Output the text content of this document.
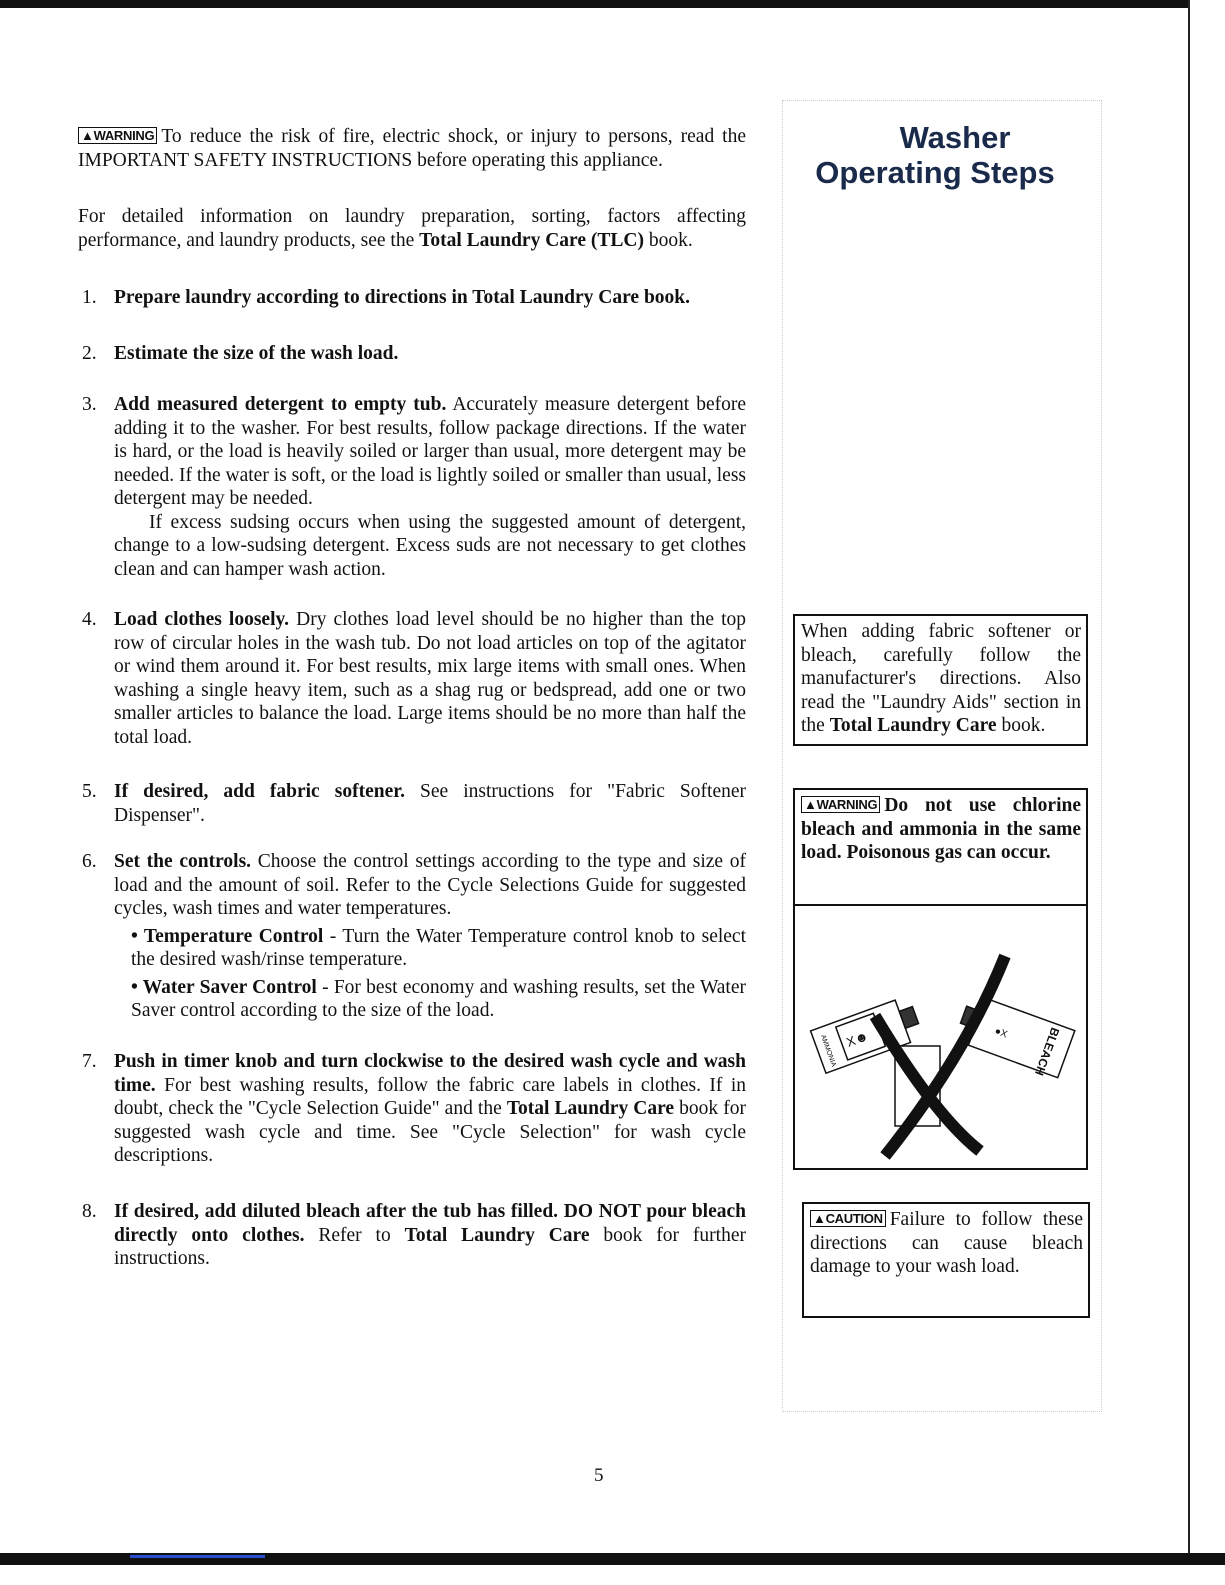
▲WARNING To reduce the risk of fire, electric shock, or injury to persons, read the IMPORTANT SAFETY INSTRUCTIONS before operating this appliance.
For detailed information on laundry preparation, sorting, factors affecting performance, and laundry products, see the Total Laundry Care (TLC) book.
1. Prepare laundry according to directions in Total Laundry Care book.
2. Estimate the size of the wash load.
3. Add measured detergent to empty tub. Accurately measure detergent before adding it to the washer. For best results, follow package directions. If the water is hard, or the load is heavily soiled or larger than usual, more detergent may be needed. If the water is soft, or the load is lightly soiled or smaller than usual, less detergent may be needed.
If excess sudsing occurs when using the suggested amount of detergent, change to a low-sudsing detergent. Excess suds are not necessary to get clothes clean and can hamper wash action.
4. Load clothes loosely. Dry clothes load level should be no higher than the top row of circular holes in the wash tub. Do not load articles on top of the agitator or wind them around it. For best results, mix large items with small ones. When washing a single heavy item, such as a shag rug or bedspread, add one or two smaller articles to balance the load. Large items should be no more than half the total load.
5. If desired, add fabric softener. See instructions for "Fabric Softener Dispenser".
6. Set the controls. Choose the control settings according to the type and size of load and the amount of soil. Refer to the Cycle Selections Guide for suggested cycles, wash times and water temperatures.
• Temperature Control - Turn the Water Temperature control knob to select the desired wash/rinse temperature.
• Water Saver Control - For best economy and washing results, set the Water Saver control according to the size of the load.
7. Push in timer knob and turn clockwise to the desired wash cycle and wash time. For best washing results, follow the fabric care labels in clothes. If in doubt, check the "Cycle Selection Guide" and the Total Laundry Care book for suggested wash cycle and time. See "Cycle Selection" for wash cycle descriptions.
8. If desired, add diluted bleach after the tub has filled. DO NOT pour bleach directly onto clothes. Refer to Total Laundry Care book for further instructions.
Washer
Operating Steps
When adding fabric softener or bleach, carefully follow the manufacturer's directions. Also read the "Laundry Aids" section in the Total Laundry Care book.
▲WARNING Do not use chlorine bleach and ammonia in the same load. Poisonous gas can occur.
X☻
AMMONIA
●X BLEACH
▲CAUTION Failure to follow these directions can cause bleach damage to your wash load.
5
